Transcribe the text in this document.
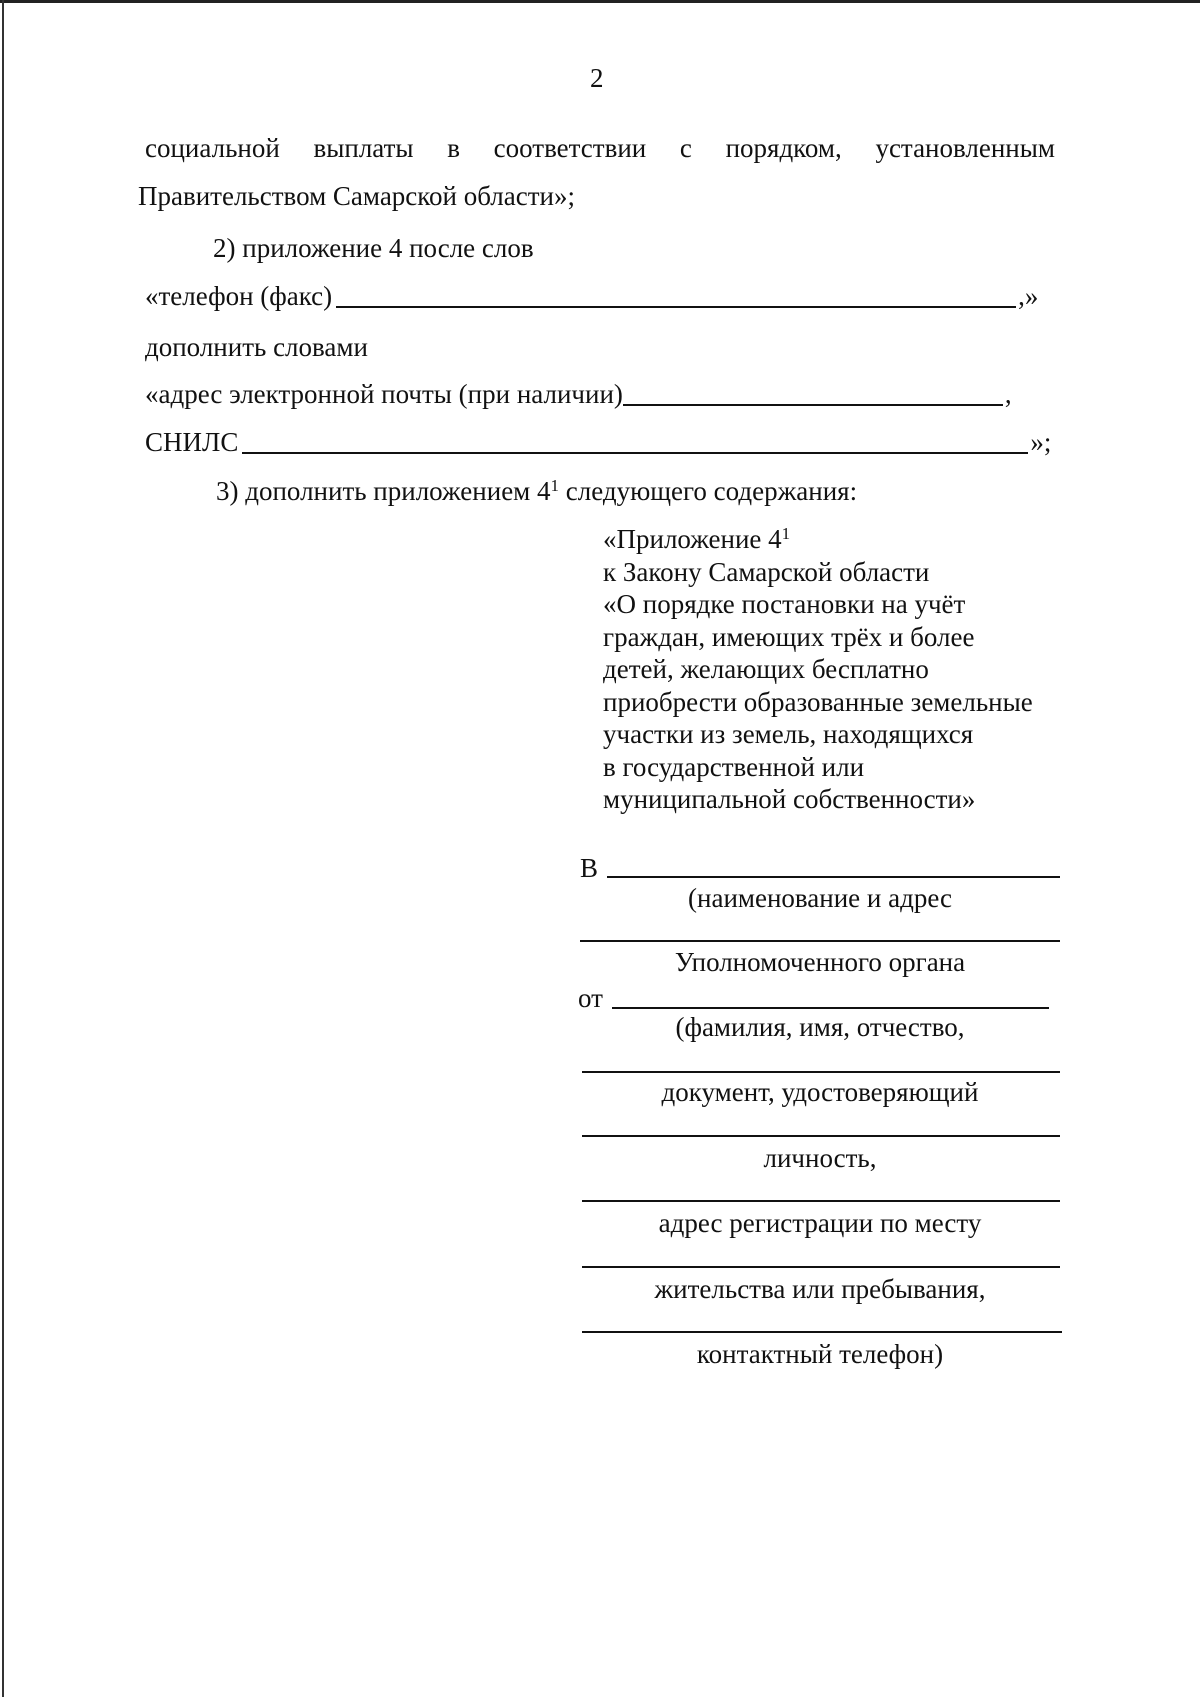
2
социальной выплаты в соответствии с порядком, установленным
Правительством Самарской области»;
2) приложение 4 после слов
«телефон (факс)	,»
дополнить словами
«адрес электронной почты (при наличии)	,
СНИЛС	»;
3) дополнить приложением $4^1$ следующего содержания:
«Приложение $4^1$
к Закону Самарской области
«О порядке постановки на учёт
граждан, имеющих трёх и более
детей, желающих бесплатно
приобрести образованные земельные
участки из земель, находящихся
в государственной или
муниципальной собственности»
В
(наименование и адрес
Уполномоченного органа
от
(фамилия, имя, отчество,
документ, удостоверяющий
личность,
адрес регистрации по месту
жительства или пребывания,
контактный телефон)
